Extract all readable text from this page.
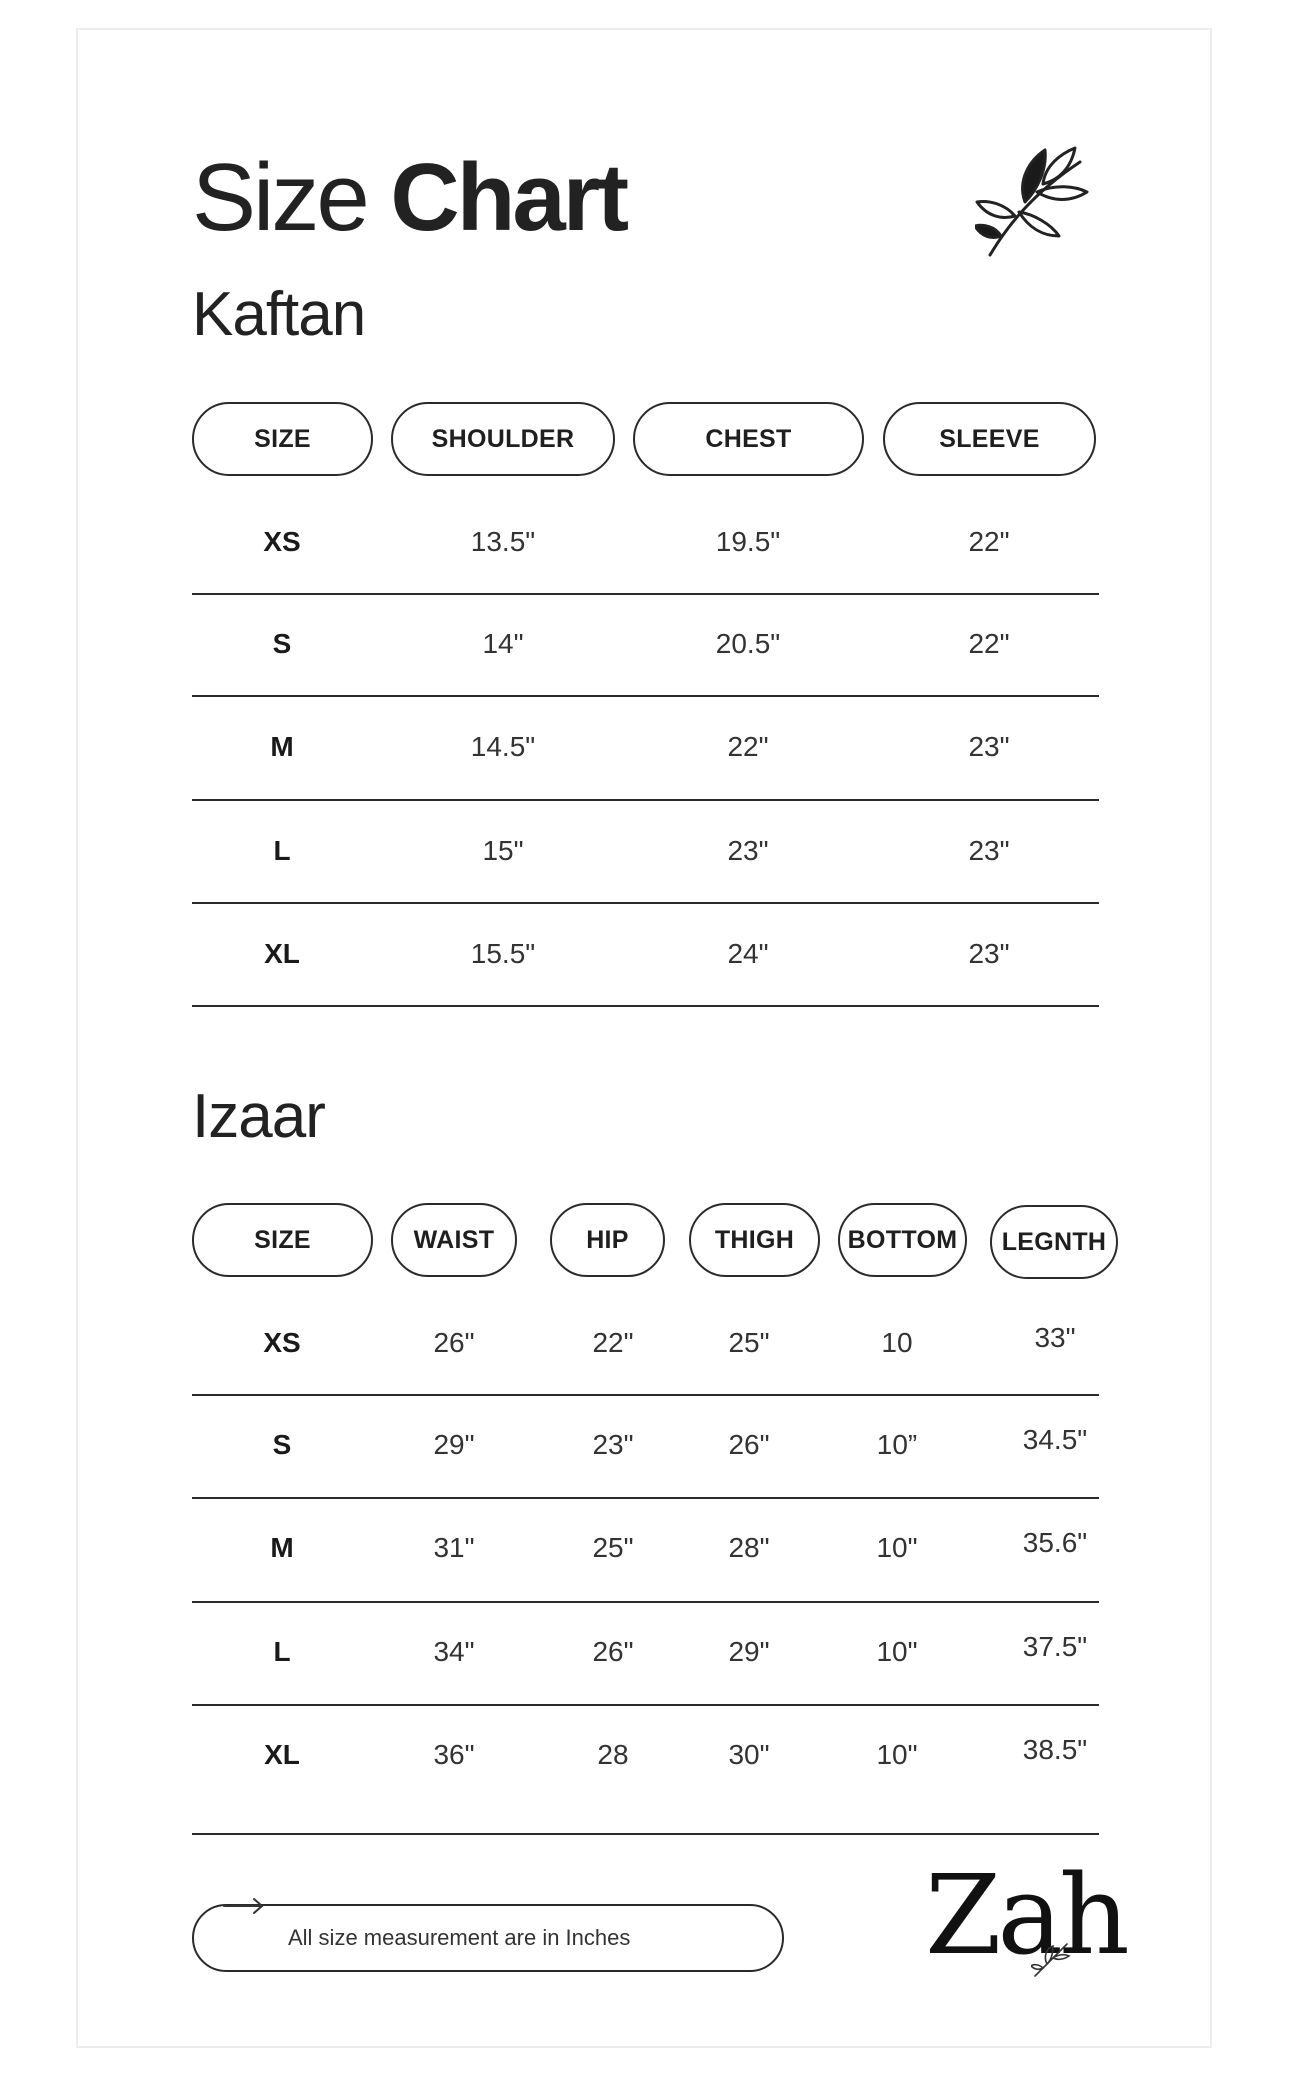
Size Chart
Kaftan
SIZE	SHOULDER	CHEST	SLEEVE
XS	13.5"	19.5"	22"
S	14"	20.5"	22"
M	14.5"	22"	23"
L	15"	23"	23"
XL	15.5"	24"	23"
Izaar
SIZE	WAIST	HIP	THIGH	BOTTOM	LEGNTH
XS	26"	22"	25"	10	33"
S	29"	23"	26"	10”	34.5"
M	31"	25"	28"	10"	35.6"
L	34"	26"	29"	10"	37.5"
XL	36"	28	30"	10"	38.5"
All size measurement are in Inches	Zah
